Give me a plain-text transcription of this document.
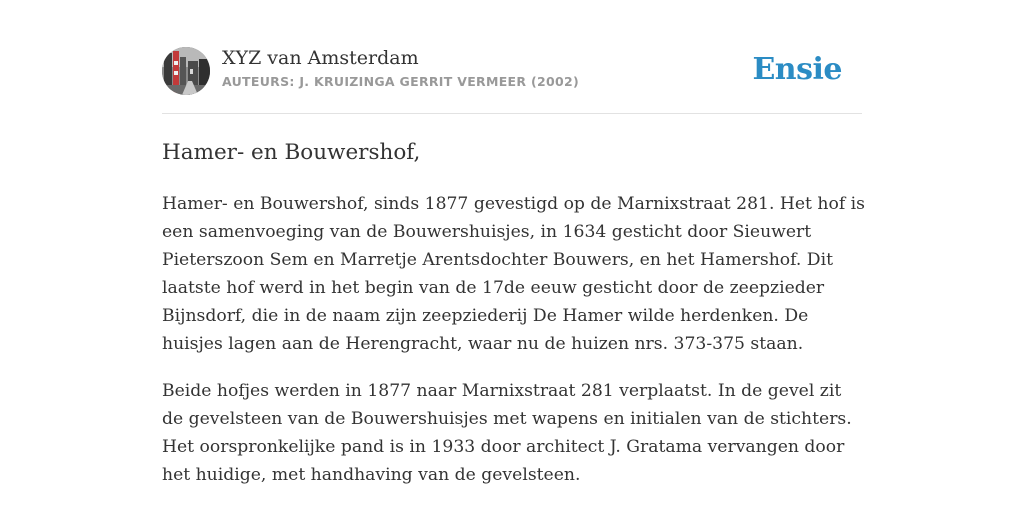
XYZ van Amsterdam
AUTEURS: J. KRUIZINGA GERRIT VERMEER (2002)	Ensie
Hamer- en Bouwershof,

Hamer- en Bouwershof, sinds 1877 gevestigd op de Marnixstraat 281. Het hof is een samenvoeging van de Bouwershuisjes, in 1634 gesticht door Sieuwert Pieterszoon Sem en Marretje Arentsdochter Bouwers, en het Hamershof. Dit laatste hof werd in het begin van de 17de eeuw gesticht door de zeepzieder Bijnsdorf, die in de naam zijn zeepziederij De Hamer wilde herdenken. De huisjes lagen aan de Herengracht, waar nu de huizen nrs. 373-375 staan.

Beide hofjes werden in 1877 naar Marnixstraat 281 verplaatst. In de gevel zit de gevelsteen van de Bouwershuisjes met wapens en initialen van de stichters. Het oorspronkelijke pand is in 1933 door architect J. Gratama vervangen door het huidige, met handhaving van de gevelsteen.
